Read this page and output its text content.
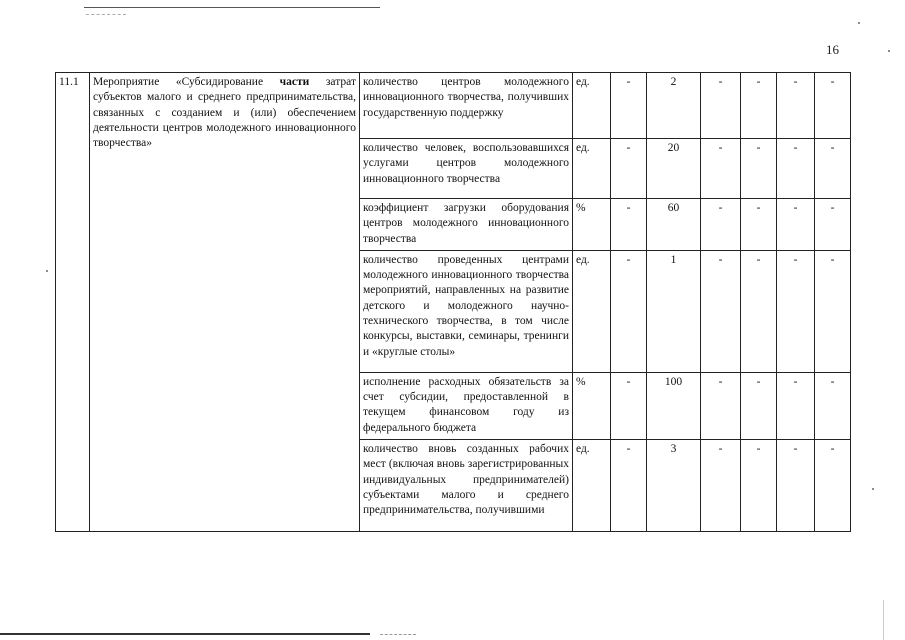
16
11.1	Мероприятие «Субсидирование части затрат субъектов малого и среднего предпринимательства, связанных с созданием и (или) обеспечением деятельности центров молодежного инновационного творчества»	количество центров молодежного инновационного творчества, получивших государственную поддержку	ед.	-	2	-	-	-	-
		количество человек, воспользовавшихся услугами центров молодежного инновационного творчества	ед.	-	20	-	-	-	-
		коэффициент загрузки оборудования центров молодежного инновационного творчества	%	-	60	-	-	-	-
		количество проведенных центрами молодежного инновационного творчества мероприятий, направленных на развитие детского и молодежного научно-технического творчества, в том числе конкурсы, выставки, семинары, тренинги и «круглые столы»	ед.	-	1	-	-	-	-
		исполнение расходных обязательств за счет субсидии, предоставленной в текущем финансовом году из федерального бюджета	%	-	100	-	-	-	-
		количество вновь созданных рабочих мест (включая вновь зарегистрированных индивидуальных предпринимателей) субъектами малого и среднего предпринимательства, получившими	ед.	-	3	-	-	-	-
